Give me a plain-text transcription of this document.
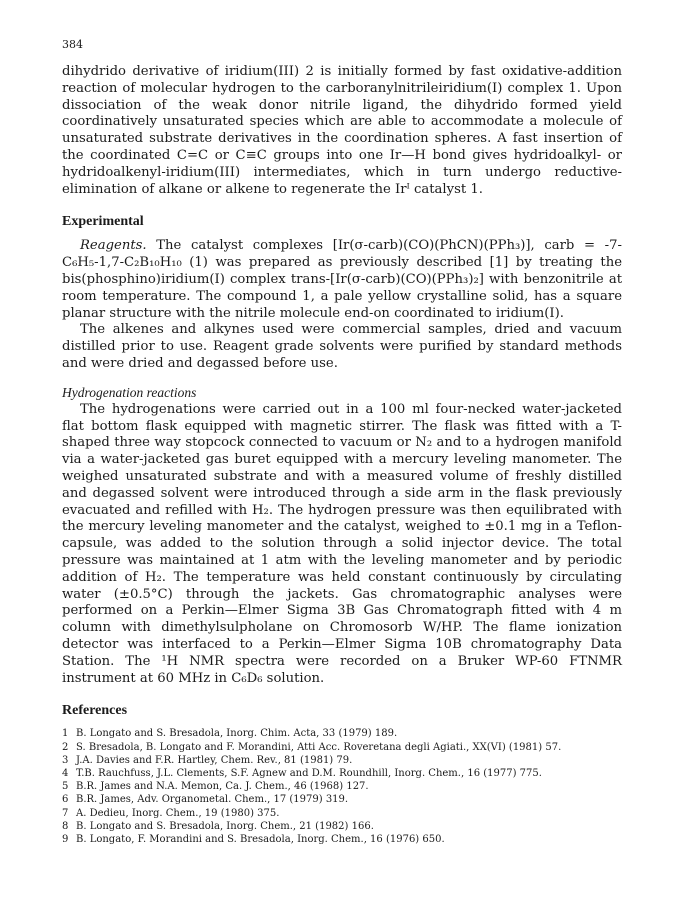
384

dihydrido derivative of iridium(III) 2 is initially formed by fast oxidative-addition reaction of molecular hydrogen to the carboranylnitrileiridium(I) complex 1. Upon dissociation of the weak donor nitrile ligand, the dihydrido formed yield coordinatively unsaturated species which are able to accommodate a molecule of unsaturated substrate derivatives in the coordination spheres. A fast insertion of the coordinated C=C or C≡C groups into one Ir—H bond gives hydridoalkyl- or hydridoalkenyl-iridium(III) intermediates, which in turn undergo reductive-elimination of alkane or alkene to regenerate the Irᴵ catalyst 1.

Experimental

Reagents. The catalyst complexes [Ir(σ-carb)(CO)(PhCN)(PPh₃)], carb = -7-C₆H₅-1,7-C₂B₁₀H₁₀ (1) was prepared as previously described [1] by treating the bis(phosphino)iridium(I) complex trans-[Ir(σ-carb)(CO)(PPh₃)₂] with benzonitrile at room temperature. The compound 1, a pale yellow crystalline solid, has a square planar structure with the nitrile molecule end-on coordinated to iridium(I).

The alkenes and alkynes used were commercial samples, dried and vacuum distilled prior to use. Reagent grade solvents were purified by standard methods and were dried and degassed before use.

Hydrogenation reactions

The hydrogenations were carried out in a 100 ml four-necked water-jacketed flat bottom flask equipped with magnetic stirrer. The flask was fitted with a T-shaped three way stopcock connected to vacuum or N₂ and to a hydrogen manifold via a water-jacketed gas buret equipped with a mercury leveling manometer. The weighed unsaturated substrate and with a measured volume of freshly distilled and degassed solvent were introduced through a side arm in the flask previously evacuated and refilled with H₂. The hydrogen pressure was then equilibrated with the mercury leveling manometer and the catalyst, weighed to ±0.1 mg in a Teflon-capsule, was added to the solution through a solid injector device. The total pressure was maintained at 1 atm with the leveling manometer and by periodic addition of H₂. The temperature was held constant continuously by circulating water (±0.5°C) through the jackets. Gas chromatographic analyses were performed on a Perkin—Elmer Sigma 3B Gas Chromatograph fitted with 4 m column with dimethylsulpholane on Chromosorb W/HP. The flame ionization detector was interfaced to a Perkin—Elmer Sigma 10B chromatography Data Station. The ¹H NMR spectra were recorded on a Bruker WP-60 FTNMR instrument at 60 MHz in C₆D₆ solution.

References
1 B. Longato and S. Bresadola, Inorg. Chim. Acta, 33 (1979) 189.
2 S. Bresadola, B. Longato and F. Morandini, Atti Acc. Roveretana degli Agiati., XX(VI) (1981) 57.
3 J.A. Davies and F.R. Hartley, Chem. Rev., 81 (1981) 79.
4 T.B. Rauchfuss, J.L. Clements, S.F. Agnew and D.M. Roundhill, Inorg. Chem., 16 (1977) 775.
5 B.R. James and N.A. Memon, Ca. J. Chem., 46 (1968) 127.
6 B.R. James, Adv. Organometal. Chem., 17 (1979) 319.
7 A. Dedieu, Inorg. Chem., 19 (1980) 375.
8 B. Longato and S. Bresadola, Inorg. Chem., 21 (1982) 166.
9 B. Longato, F. Morandini and S. Bresadola, Inorg. Chem., 16 (1976) 650.
